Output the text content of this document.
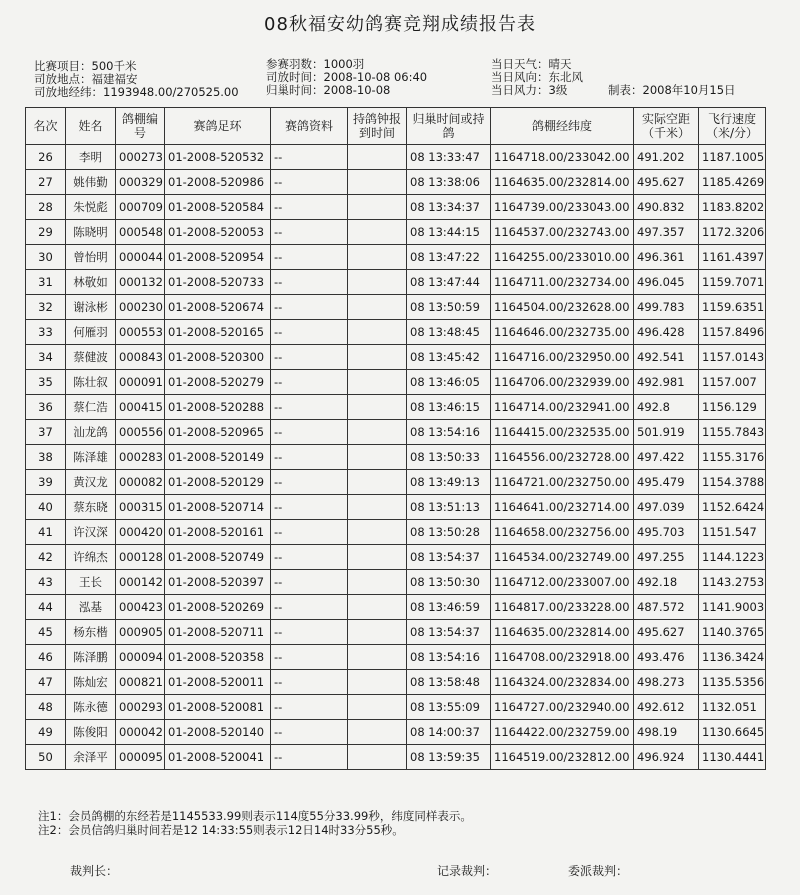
08秋福安幼鸽赛竞翔成绩报告表
比赛项目：500千米
司放地点：福建福安
司放地经纬：1193948.00/270525.00
参赛羽数：1000羽
司放时间：2008-10-08 06:40
归巢时间：2008-10-08
当日天气：晴天
当日风向：东北风
当日风力：3级	制表：2008年10月15日
名次	姓名	鸽棚编号	赛鸽足环	赛鸽资料	持鸽钟报到时间	归巢时间或持鸽	鸽棚经纬度	实际空距（千米）	飞行速度（米/分）
26	李明	000273	01-2008-520532	--		08 13:33:47	1164718.00/233042.00	491.202	1187.1005
27	姚伟勤	000329	01-2008-520986	--		08 13:38:06	1164635.00/232814.00	495.627	1185.4269
28	朱悦彪	000709	01-2008-520584	--		08 13:34:37	1164739.00/233043.00	490.832	1183.8202
29	陈晓明	000548	01-2008-520053	--		08 13:44:15	1164537.00/232743.00	497.357	1172.3206
30	曾怡明	000044	01-2008-520954	--		08 13:47:22	1164255.00/233010.00	496.361	1161.4397
31	林敬如	000132	01-2008-520733	--		08 13:47:44	1164711.00/232734.00	496.045	1159.7071
32	谢泳彬	000230	01-2008-520674	--		08 13:50:59	1164504.00/232628.00	499.783	1159.6351
33	何雁羽	000553	01-2008-520165	--		08 13:48:45	1164646.00/232735.00	496.428	1157.8496
34	蔡健波	000843	01-2008-520300	--		08 13:45:42	1164716.00/232950.00	492.541	1157.0143
35	陈壮叙	000091	01-2008-520279	--		08 13:46:05	1164706.00/232939.00	492.981	1157.007
36	蔡仁浩	000415	01-2008-520288	--		08 13:46:15	1164714.00/232941.00	492.8	1156.129
37	汕龙鸽	000556	01-2008-520965	--		08 13:54:16	1164415.00/232535.00	501.919	1155.7843
38	陈泽雄	000283	01-2008-520149	--		08 13:50:33	1164556.00/232728.00	497.422	1155.3176
39	黄汉龙	000082	01-2008-520129	--		08 13:49:13	1164721.00/232750.00	495.479	1154.3788
40	蔡东晓	000315	01-2008-520714	--		08 13:51:13	1164641.00/232714.00	497.039	1152.6424
41	许汉深	000420	01-2008-520161	--		08 13:50:28	1164658.00/232756.00	495.703	1151.547
42	许绵杰	000128	01-2008-520749	--		08 13:54:37	1164534.00/232749.00	497.255	1144.1223
43	王长	000142	01-2008-520397	--		08 13:50:30	1164712.00/233007.00	492.18	1143.2753
44	泓基	000423	01-2008-520269	--		08 13:46:59	1164817.00/233228.00	487.572	1141.9003
45	杨东楷	000905	01-2008-520711	--		08 13:54:37	1164635.00/232814.00	495.627	1140.3765
46	陈泽鹏	000094	01-2008-520358	--		08 13:54:16	1164708.00/232918.00	493.476	1136.3424
47	陈灿宏	000821	01-2008-520011	--		08 13:58:48	1164324.00/232834.00	498.273	1135.5356
48	陈永德	000293	01-2008-520081	--		08 13:55:09	1164727.00/232940.00	492.612	1132.051
49	陈俊阳	000042	01-2008-520140	--		08 14:00:37	1164422.00/232759.00	498.19	1130.6645
50	余泽平	000095	01-2008-520041	--		08 13:59:35	1164519.00/232812.00	496.924	1130.4441
注1：会员鸽棚的东经若是1145533.99则表示114度55分33.99秒，纬度同样表示。
注2：会员信鸽归巢时间若是12 14:33:55则表示12日14时33分55秒。
裁判长：	记录裁判：	委派裁判：
